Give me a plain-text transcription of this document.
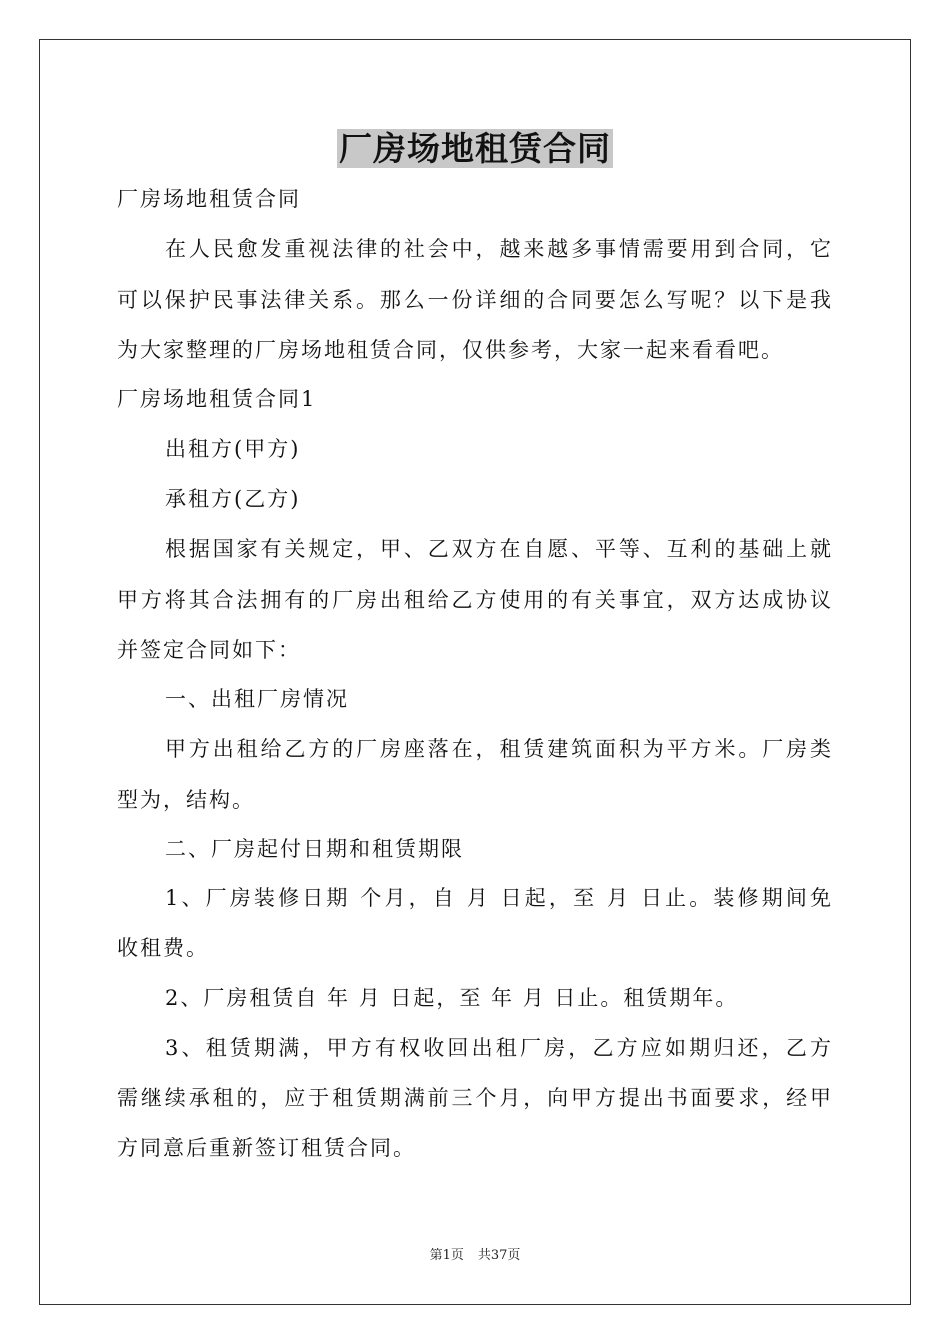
厂房场地租赁合同
厂房场地租赁合同
在人民愈发重视法律的社会中，越来越多事情需要用到合同，它
可以保护民事法律关系。那么一份详细的合同要怎么写呢？以下是我
为大家整理的厂房场地租赁合同，仅供参考，大家一起来看看吧。
厂房场地租赁合同1
出租方(甲方)
承租方(乙方)
根据国家有关规定，甲、乙双方在自愿、平等、互利的基础上就
甲方将其合法拥有的厂房出租给乙方使用的有关事宜，双方达成协议
并签定合同如下：
一、出租厂房情况
甲方出租给乙方的厂房座落在，租赁建筑面积为平方米。厂房类
型为，结构。
二、厂房起付日期和租赁期限
1、厂房装修日期 个月，自 月 日起，至 月 日止。装修期间免
收租费。
2、厂房租赁自 年 月 日起，至 年 月 日止。租赁期年。
3、租赁期满，甲方有权收回出租厂房，乙方应如期归还，乙方
需继续承租的，应于租赁期满前三个月，向甲方提出书面要求，经甲
方同意后重新签订租赁合同。
第1页 共37页
